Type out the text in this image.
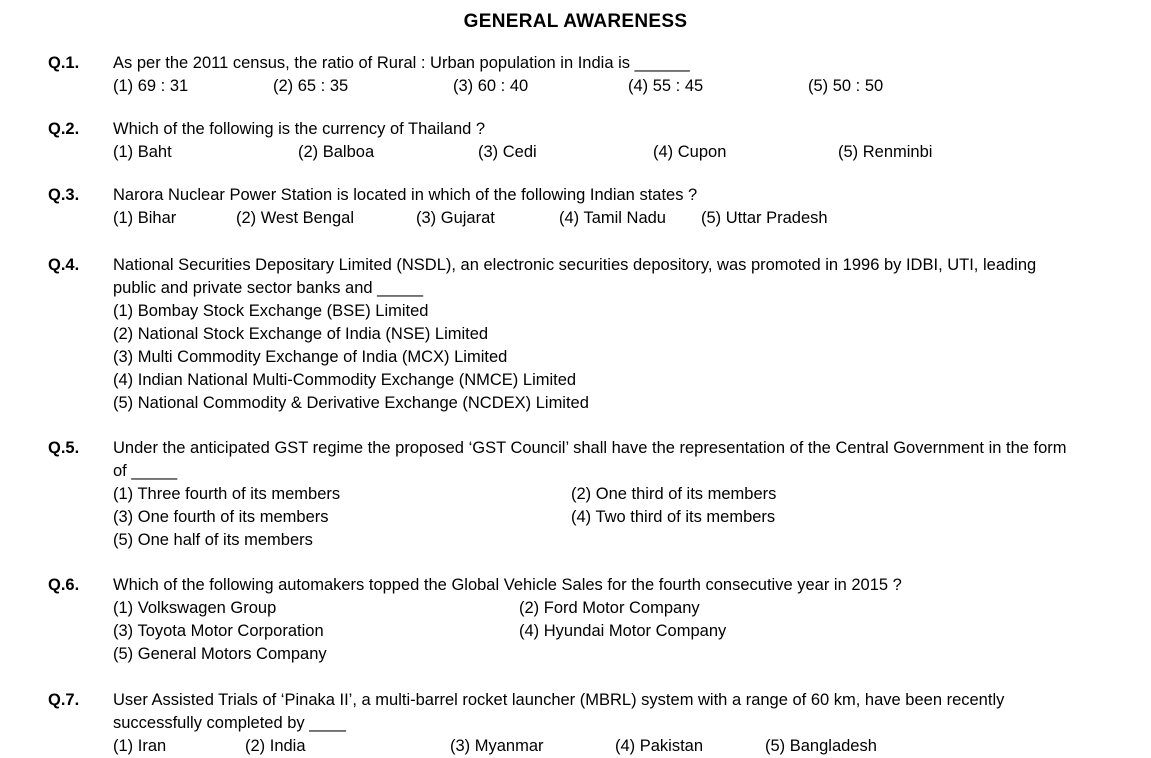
GENERAL AWARENESS
Q.1. As per the 2011 census, the ratio of Rural : Urban population in India is ______
(1) 69 : 31	(2) 65 : 35	(3) 60 : 40	(4) 55 : 45	(5) 50 : 50
Q.2. Which of the following is the currency of Thailand ?
(1) Baht	(2) Balboa	(3) Cedi	(4) Cupon	(5) Renminbi
Q.3. Narora Nuclear Power Station is located in which of the following Indian states ?
(1) Bihar	(2) West Bengal	(3) Gujarat	(4) Tamil Nadu	(5) Uttar Pradesh
Q.4. National Securities Depositary Limited (NSDL), an electronic securities depository, was promoted in 1996 by IDBI, UTI, leading public and private sector banks and _____
(1) Bombay Stock Exchange (BSE) Limited
(2) National Stock Exchange of India (NSE) Limited
(3) Multi Commodity Exchange of India (MCX) Limited
(4) Indian National Multi-Commodity Exchange (NMCE) Limited
(5) National Commodity & Derivative Exchange (NCDEX) Limited
Q.5. Under the anticipated GST regime the proposed ‘GST Council’ shall have the representation of the Central Government in the form of _____
(1) Three fourth of its members	(2) One third of its members
(3) One fourth of its members	(4) Two third of its members
(5) One half of its members
Q.6. Which of the following automakers topped the Global Vehicle Sales for the fourth consecutive year in 2015 ?
(1) Volkswagen Group	(2) Ford Motor Company
(3) Toyota Motor Corporation	(4) Hyundai Motor Company
(5) General Motors Company
Q.7. User Assisted Trials of ‘Pinaka II’, a multi-barrel rocket launcher (MBRL) system with a range of 60 km, have been recently successfully completed by ____
(1) Iran	(2) India	(3) Myanmar	(4) Pakistan	(5) Bangladesh
